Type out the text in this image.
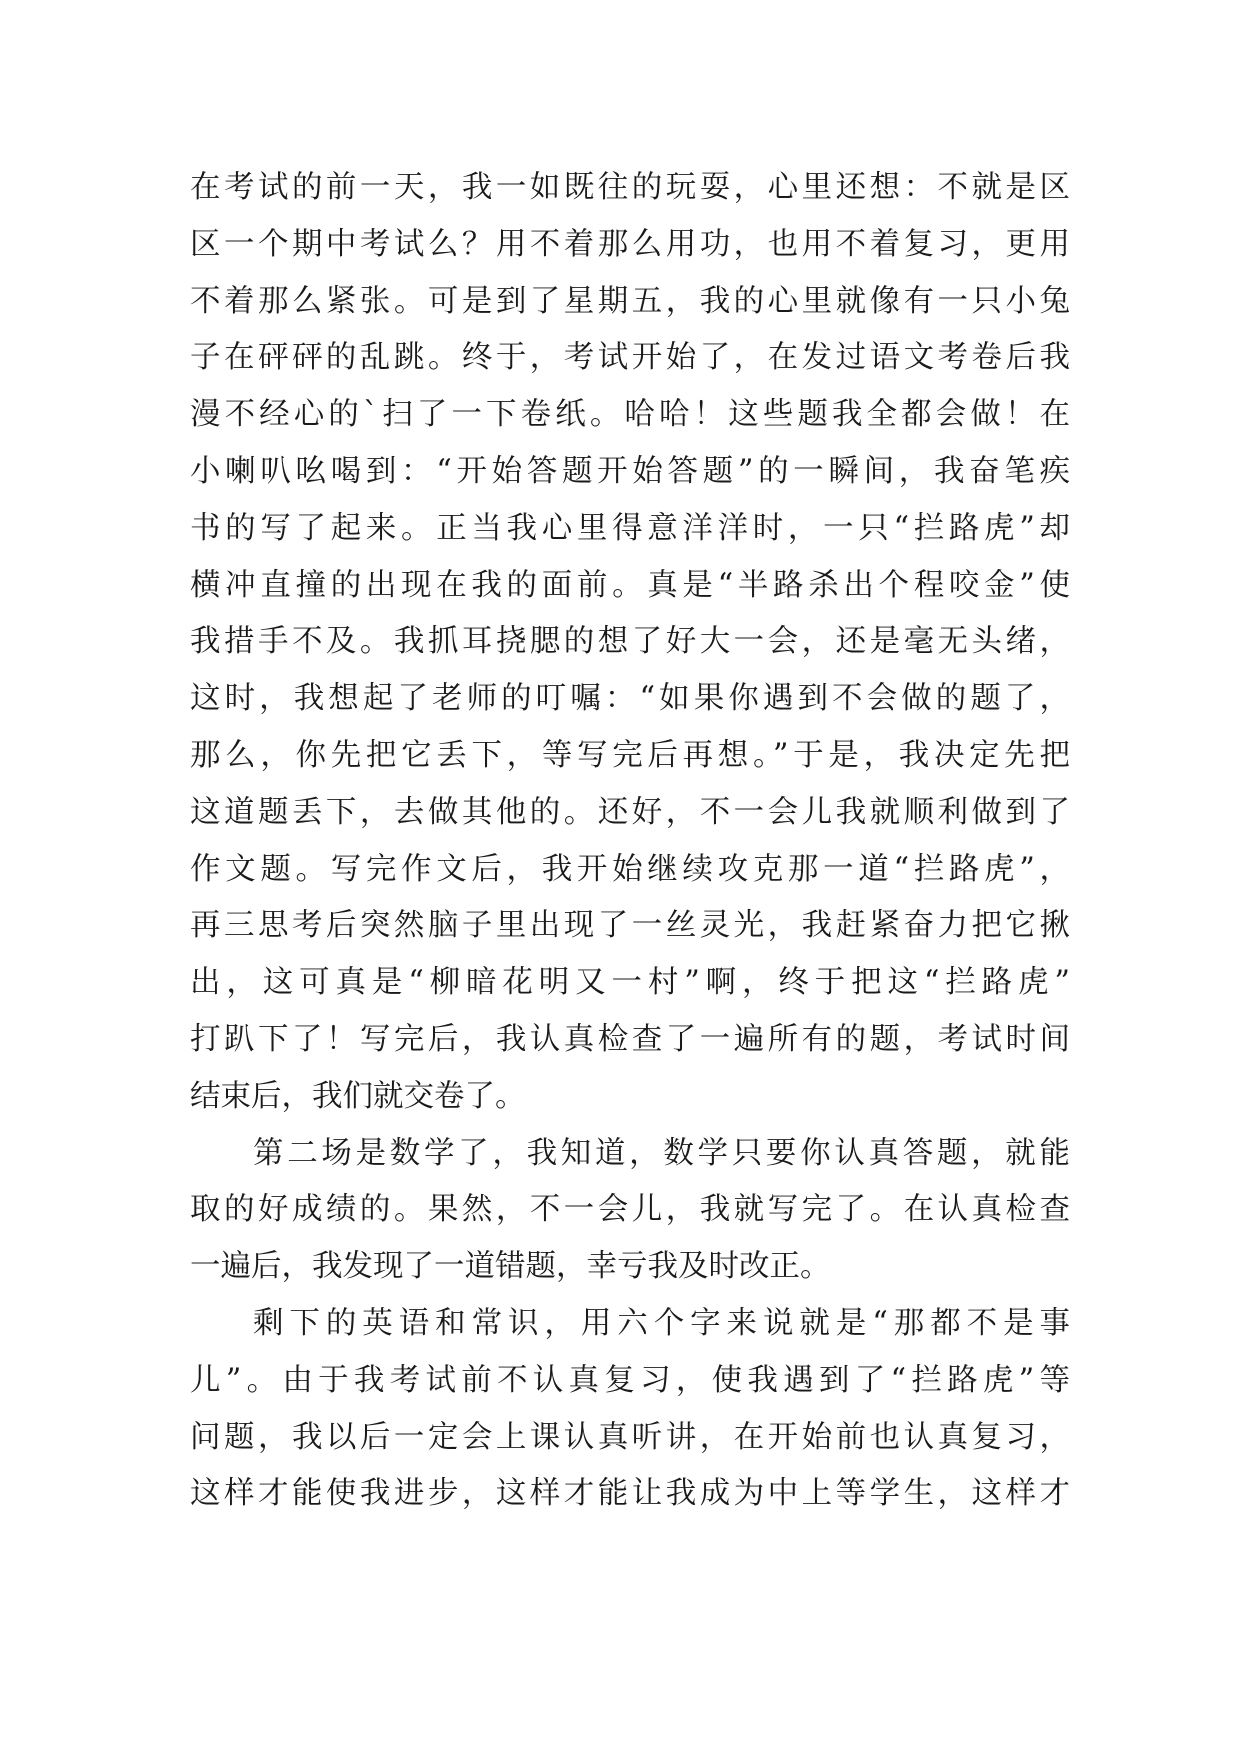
在考试的前一天，我一如既往的玩耍，心里还想：不就是区
区一个期中考试么？用不着那么用功，也用不着复习，更用
不着那么紧张。可是到了星期五，我的心里就像有一只小兔
子在砰砰的乱跳。终于，考试开始了，在发过语文考卷后我
漫不经心的`扫了一下卷纸。哈哈！这些题我全都会做！在
小喇叭吆喝到：“开始答题开始答题”的一瞬间，我奋笔疾
书的写了起来。正当我心里得意洋洋时，一只“拦路虎”却
横冲直撞的出现在我的面前。真是“半路杀出个程咬金”使
我措手不及。我抓耳挠腮的想了好大一会，还是毫无头绪，
这时，我想起了老师的叮嘱：“如果你遇到不会做的题了，
那么，你先把它丢下，等写完后再想。”于是，我决定先把
这道题丢下，去做其他的。还好，不一会儿我就顺利做到了
作文题。写完作文后，我开始继续攻克那一道“拦路虎”，
再三思考后突然脑子里出现了一丝灵光，我赶紧奋力把它揪
出，这可真是“柳暗花明又一村”啊，终于把这“拦路虎”
打趴下了！写完后，我认真检查了一遍所有的题，考试时间
结束后，我们就交卷了。
第二场是数学了，我知道，数学只要你认真答题，就能
取的好成绩的。果然，不一会儿，我就写完了。在认真检查
一遍后，我发现了一道错题，幸亏我及时改正。
剩下的英语和常识，用六个字来说就是“那都不是事
儿”。由于我考试前不认真复习，使我遇到了“拦路虎”等
问题，我以后一定会上课认真听讲，在开始前也认真复习，
这样才能使我进步，这样才能让我成为中上等学生，这样才
